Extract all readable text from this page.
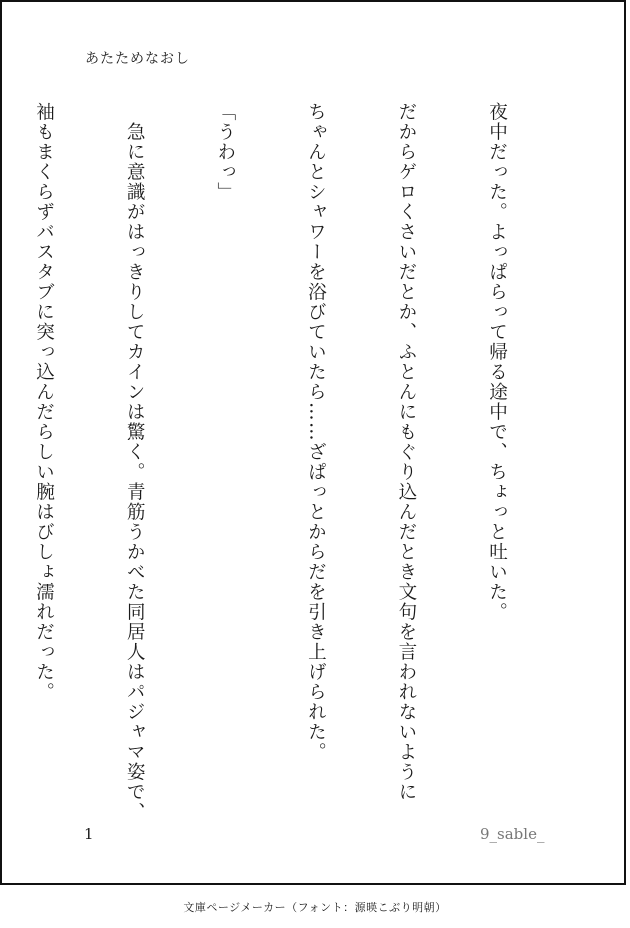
あたためなおし

夜中だった。よっぱらって帰る途中で、ちょっと吐いた。

だからゲロくさいだとか、ふとんにもぐり込んだとき文句を言われないように

ちゃんとシャワーを浴びていたら……ざぱっとからだを引き上げられた。

「うわっ」

　急に意識がはっきりしてカインは驚く。青筋うかべた同居人はパジャマ姿で、

袖もまくらずバスタブに突っ込んだらしい腕はびしょ濡れだった。

1	9_sable_
文庫ページメーカー（フォント：源暎こぶり明朝）
